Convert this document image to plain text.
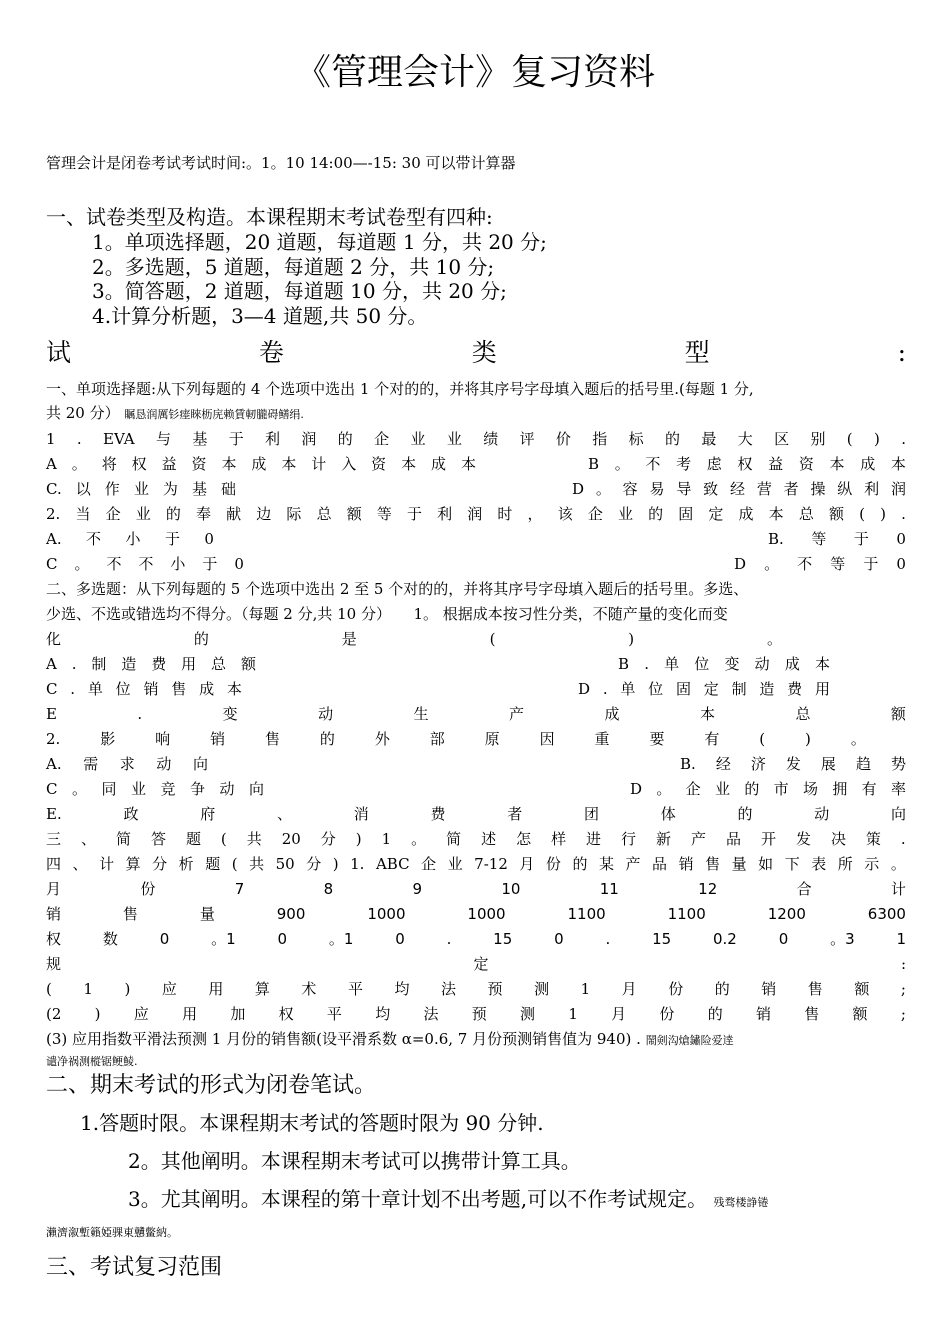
《管理会计》复习资料
管理会计是闭卷考试考试时间:。1。10 14:00—-15: 30 可以带计算器
一、试卷类型及构造。本课程期末考试卷型有四种:
1。单项选择题，20 道题，每道题 1 分，共 20 分;
2。多选题，5 道题，每道题 2 分，共 10 分;
3。简答题，2 道题，每道题 10 分，共 20 分;
4.计算分析题，3—4 道题,共 50 分。
试	卷	类	型	:
一、单项选择题:从下列每题的 4 个选项中选出 1 个对的的，并将其序号字母填入题后的括号里.(每题 1 分,
共 20 分） 瞩恳润厲钐瘗睞枥庑赖賃軔朧碍鳝绢.
1 . EVA 与 基 于 利 润 的 企 业 业 绩 评 价 指 标 的 最 大 区 别 ( ) .
A 。 将 权 益 资 本 成 本 计 入 资 本 成 本	B 。 不 考 虑 权 益 资 本 成 本
C. 以 作 业 为 基 础	D 。 容 易 导 致 经 营 者 操 纵 利 润
2. 当 企 业 的 奉 献 边 际 总 额 等 于 利 润 时 ， 该 企 业 的 固 定 成 本 总 额 ( ) .
A. 不 小 于 0	B. 等 于 0
C 。 不 不 小 于 0	D 。 不 等 于 0
二、多选题：从下列每题的 5 个选项中选出 2 至 5 个对的的，并将其序号字母填入题后的括号里。多选、
少选、不选或错选均不得分。（每题 2 分,共 10 分）　　1。 根据成本按习性分类，不随产量的变化而变
化	的	是	(	)	。
A . 制 造 费 用 总 额	B . 单 位 变 动 成 本
C . 单 位 销 售 成 本	D . 单 位 固 定 制 造 费 用
E	.	变	动	生	产	成	本	总	额
2.	影	响	销	售	的	外	部	原	因	重	要	有	(	)	。
A. 需 求 动 向	B. 经 济 发 展 趋 势
C 。 同 业 竞 争 动 向	D 。 企 业 的 市 场 拥 有 率
E.	政	府	、	消	费	者	团	体	的	动	向
三 、 简 答 题 ( 共 20 分 ) 1 。 简 述 怎 样 进 行 新 产 品 开 发 决 策 .
四 、 计 算 分 析 题 ( 共 50 分 ) 1. ABC 企 业 7-12 月 份 的 某 产 品 销 售 量 如 下 表 所 示 。
月	份	7	8	9	10	11	12	合	计
销	售	量	900	1000	1000	1100	1100	1200	6300
权	数	0	。1	0	。1	0	.	15	0	.	15	0.2	0	。3	1
规	定	:
( 1 ) 应 用 算 术 平 均 法 预 测 1 月 份 的 销 售 额 ;
(2 ) 应 用 加 权 平 均 法 预 测 1 月 份 的 销 售 额 ;
(3) 应用指数平滑法预测 1 月份的销售额(设平滑系数 α=0.6, 7 月份预测销售值为 940) . 鬧剣沟熗鏽险爱逹
谴净祸测樅锯鲠鯪.
二、期末考试的形式为闭卷笔试。
1.答题时限。本课程期末考试的答题时限为 90 分钟.
2。其他阐明。本课程期末考试可以携带计算工具。
3。尤其阐明。本课程的第十章计划不出考题,可以不作考试规定。 残骛楼諍锩
瀨濟溆塹籟婭骒東戇鳖納。
三、考试复习范围
